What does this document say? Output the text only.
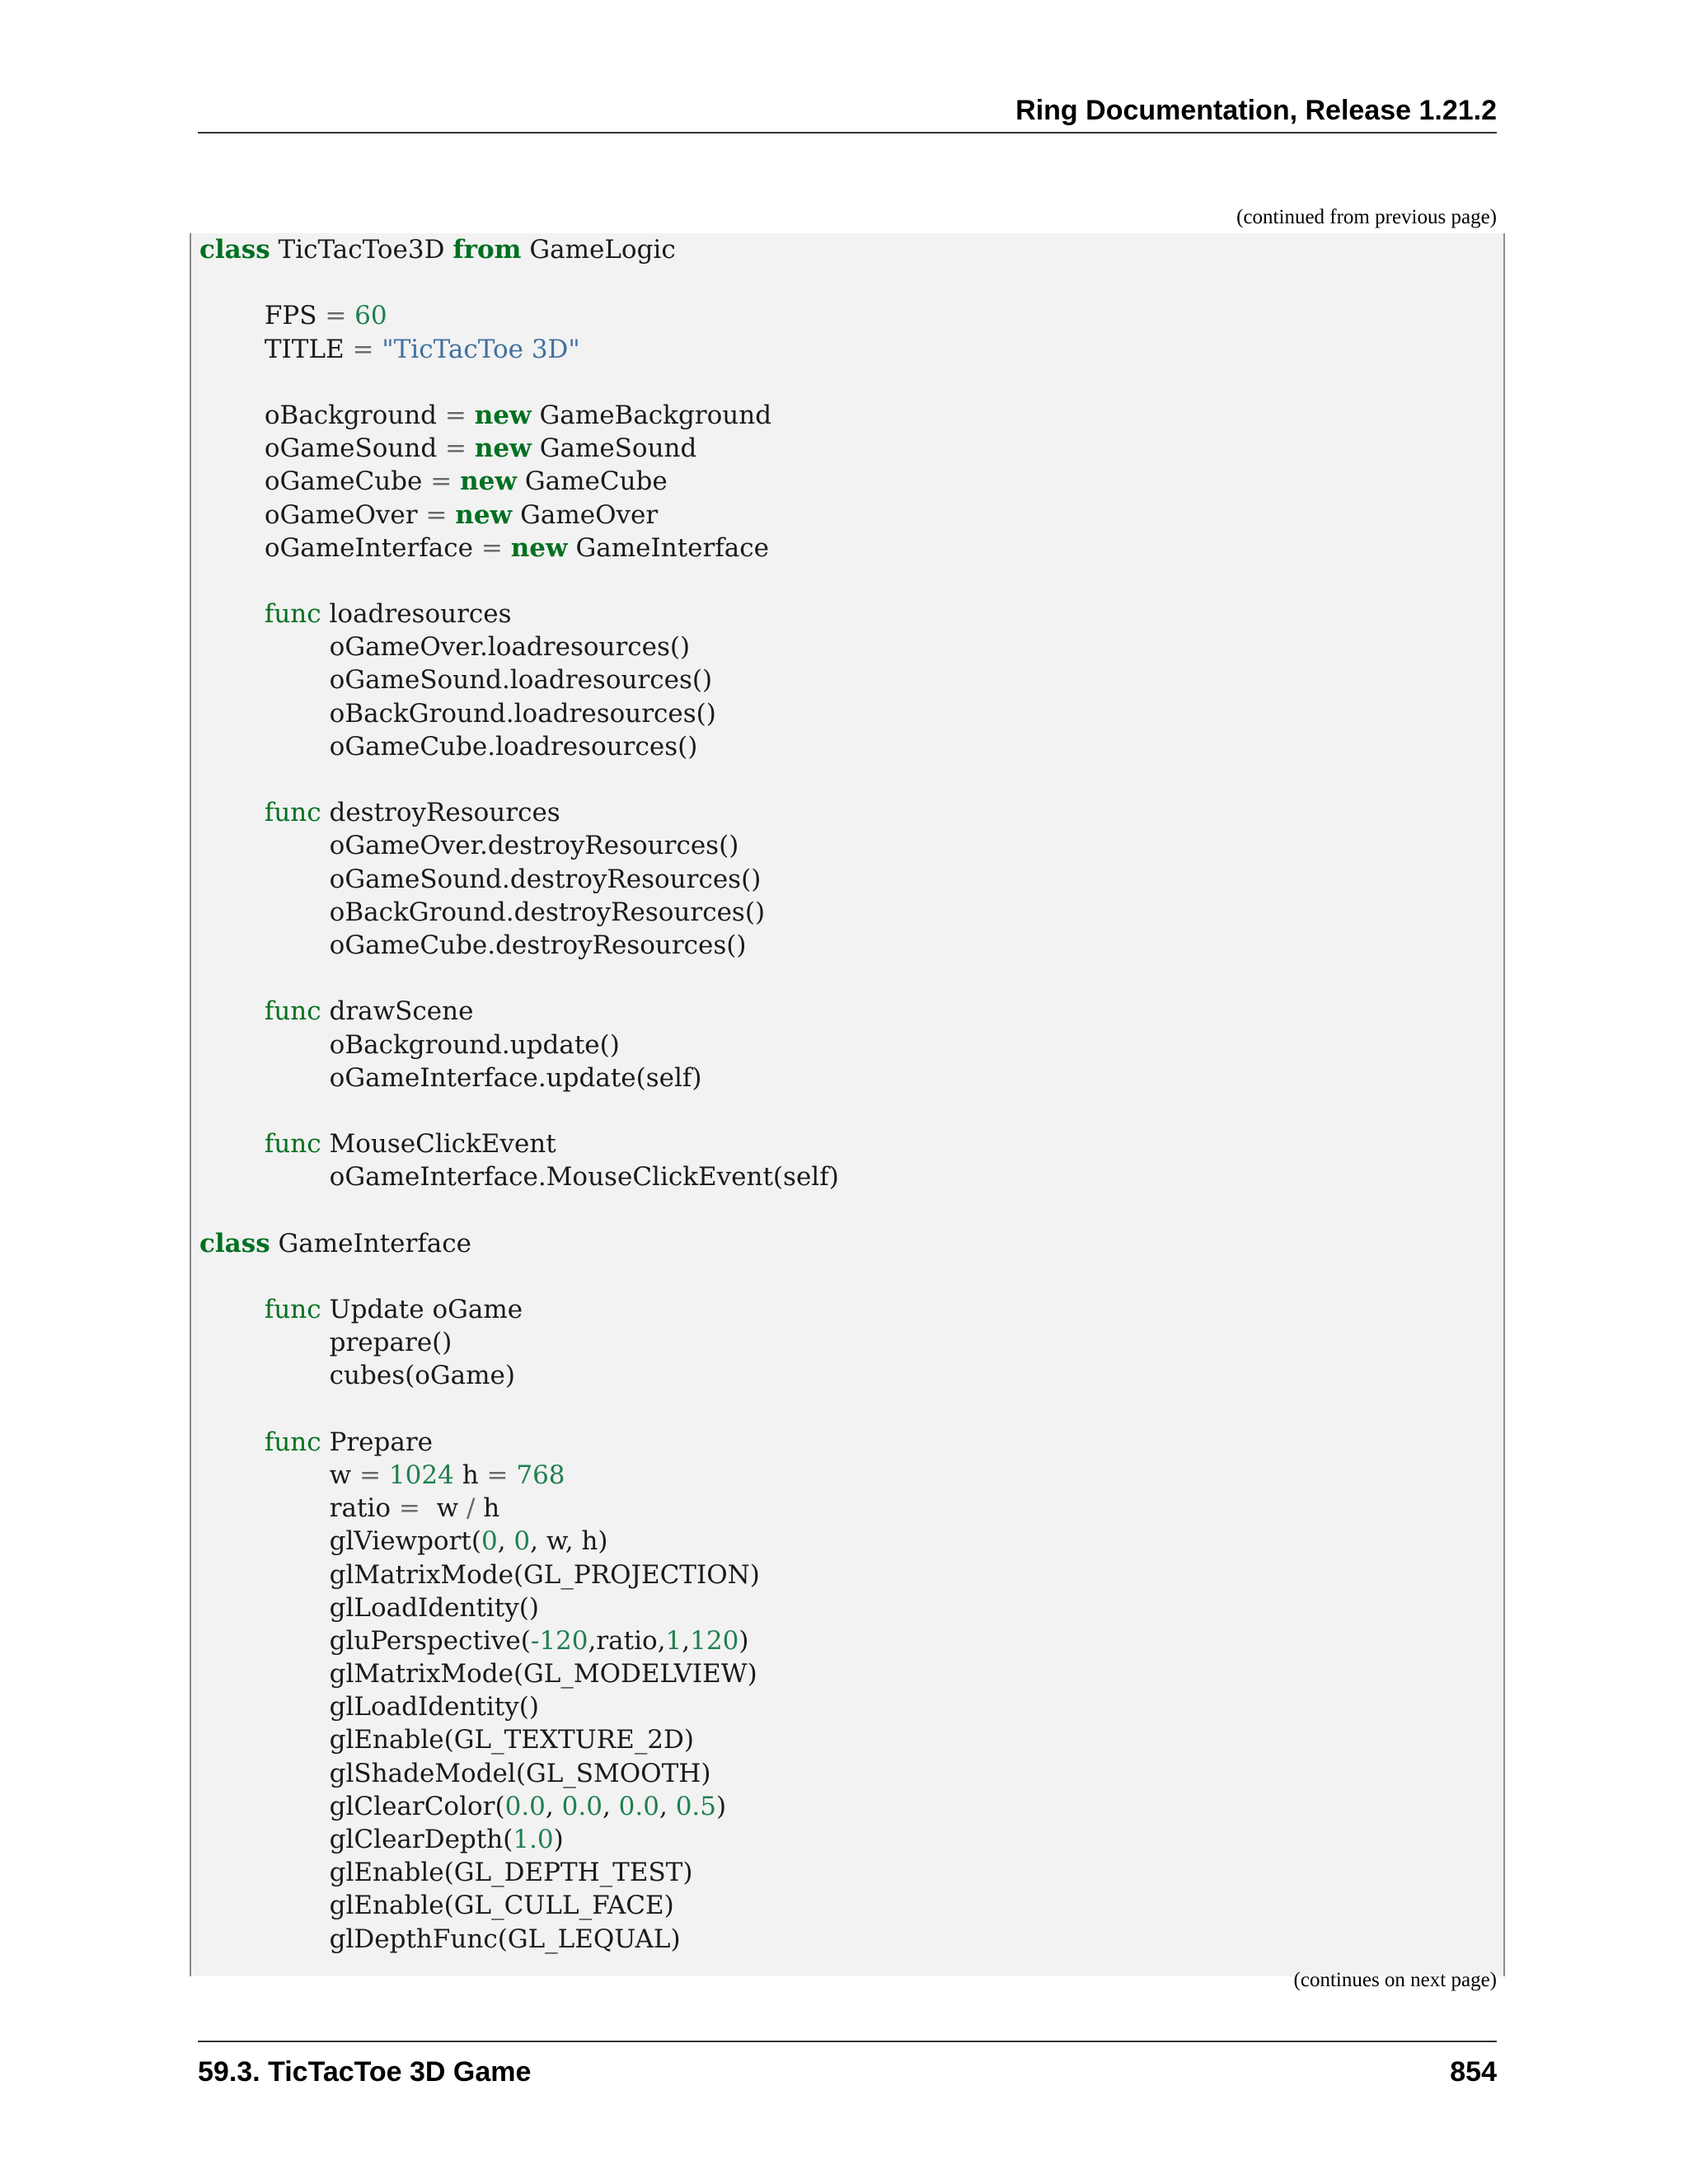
Ring Documentation, Release 1.21.2
(continued from previous page)
class TicTacToe3D from GameLogic

FPS = 60
TITLE = "TicTacToe 3D"

oBackground = new GameBackground
oGameSound = new GameSound
oGameCube = new GameCube
oGameOver = new GameOver
oGameInterface = new GameInterface

func loadresources
oGameOver.loadresources()
oGameSound.loadresources()
oBackGround.loadresources()
oGameCube.loadresources()

func destroyResources
oGameOver.destroyResources()
oGameSound.destroyResources()
oBackGround.destroyResources()
oGameCube.destroyResources()

func drawScene
oBackground.update()
oGameInterface.update(self)

func MouseClickEvent
oGameInterface.MouseClickEvent(self)

class GameInterface

func Update oGame
prepare()
cubes(oGame)

func Prepare
w = 1024 h = 768
ratio = w / h
glViewport(0, 0, w, h)
glMatrixMode(GL_PROJECTION)
glLoadIdentity()
gluPerspective(-120,ratio,1,120)
glMatrixMode(GL_MODELVIEW)
glLoadIdentity()
glEnable(GL_TEXTURE_2D)
glShadeModel(GL_SMOOTH)
glClearColor(0.0, 0.0, 0.0, 0.5)
glClearDepth(1.0)
glEnable(GL_DEPTH_TEST)
glEnable(GL_CULL_FACE)
glDepthFunc(GL_LEQUAL)
(continues on next page)
59.3. TicTacToe 3D Game	854
